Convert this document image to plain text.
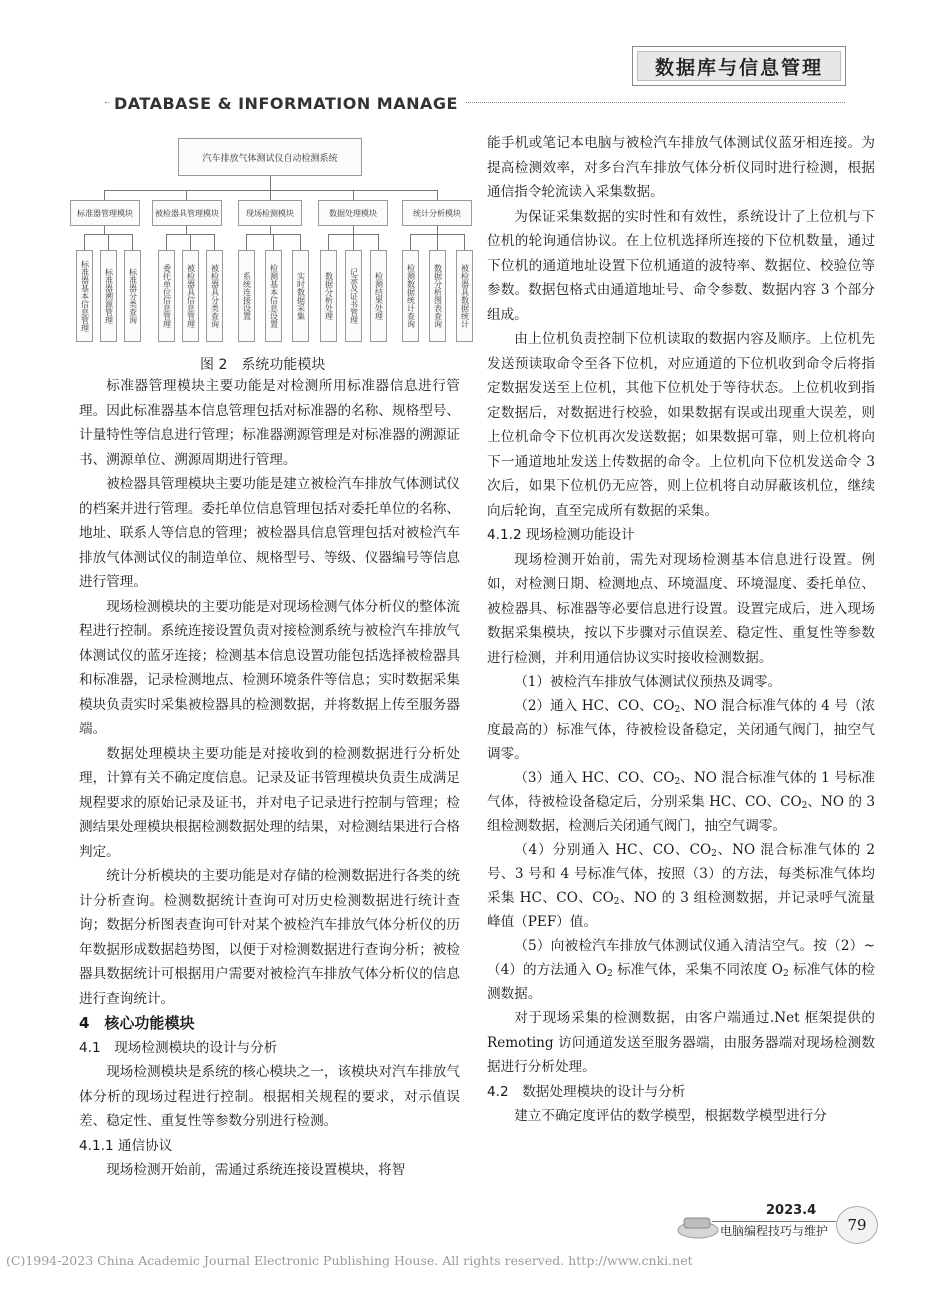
数据库与信息管理
DATABASE & INFORMATION MANAGE
汽车排放气体测试仪自动检测系统
标准器管理模块
标准器基本信息管理	标准器溯源管理	标准器分类查询
被检器具管理模块
委托单位信息管理	被检器具信息管理	被检器具分类查询
现场检测模块
系统连接设置	检测基本信息设置	实时数据采集
数据处理模块
数据分析处理	记录及证书管理	检测结果处理
统计分析模块
检测数据统计查询	数据分析图表查询	被检器具数据统计
图 2　系统功能模块

标准器管理模块主要功能是对检测所用标准器信息进行管理。因此标准器基本信息管理包括对标准器的名称、规格型号、计量特性等信息进行管理；标准器溯源管理是对标准器的溯源证书、溯源单位、溯源周期进行管理。

被检器具管理模块主要功能是建立被检汽车排放气体测试仪的档案并进行管理。委托单位信息管理包括对委托单位的名称、地址、联系人等信息的管理；被检器具信息管理包括对被检汽车排放气体测试仪的制造单位、规格型号、等级、仪器编号等信息进行管理。

现场检测模块的主要功能是对现场检测气体分析仪的整体流程进行控制。系统连接设置负责对接检测系统与被检汽车排放气体测试仪的蓝牙连接；检测基本信息设置功能包括选择被检器具和标准器，记录检测地点、检测环境条件等信息；实时数据采集模块负责实时采集被检器具的检测数据，并将数据上传至服务器端。

数据处理模块主要功能是对接收到的检测数据进行分析处理，计算有关不确定度信息。记录及证书管理模块负责生成满足规程要求的原始记录及证书，并对电子记录进行控制与管理；检测结果处理模块根据检测数据处理的结果，对检测结果进行合格判定。

统计分析模块的主要功能是对存储的检测数据进行各类的统计分析查询。检测数据统计查询可对历史检测数据进行统计查询；数据分析图表查询可针对某个被检汽车排放气体分析仪的历年数据形成数据趋势图，以便于对检测数据进行查询分析；被检器具数据统计可根据用户需要对被检汽车排放气体分析仪的信息进行查询统计。

4　核心功能模块
4.1　现场检测模块的设计与分析

现场检测模块是系统的核心模块之一，该模块对汽车排放气体分析的现场过程进行控制。根据相关规程的要求，对示值误差、稳定性、重复性等参数分别进行检测。

4.1.1 通信协议

现场检测开始前，需通过系统连接设置模块，将智

能手机或笔记本电脑与被检汽车排放气体测试仪蓝牙相连接。为提高检测效率，对多台汽车排放气体分析仪同时进行检测，根据通信指令轮流读入采集数据。

为保证采集数据的实时性和有效性，系统设计了上位机与下位机的轮询通信协议。在上位机选择所连接的下位机数量，通过下位机的通道地址设置下位机通道的波特率、数据位、校验位等参数。数据包格式由通道地址号、命令参数、数据内容 3 个部分组成。

由上位机负责控制下位机读取的数据内容及顺序。上位机先发送预读取命令至各下位机，对应通道的下位机收到命令后将指定数据发送至上位机，其他下位机处于等待状态。上位机收到指定数据后，对数据进行校验，如果数据有误或出现重大误差，则上位机命令下位机再次发送数据；如果数据可靠，则上位机将向下一通道地址发送上传数据的命令。上位机向下位机发送命令 3 次后，如果下位机仍无应答，则上位机将自动屏蔽该机位，继续向后轮询，直至完成所有数据的采集。

4.1.2 现场检测功能设计

现场检测开始前，需先对现场检测基本信息进行设置。例如，对检测日期、检测地点、环境温度、环境湿度、委托单位、被检器具、标准器等必要信息进行设置。设置完成后，进入现场数据采集模块，按以下步骤对示值误差、稳定性、重复性等参数进行检测，并利用通信协议实时接收检测数据。

（1）被检汽车排放气体测试仪预热及调零。

（2）通入 HC、CO、$CO_2$、NO 混合标准气体的 4 号（浓度最高的）标准气体，待被检设备稳定，关闭通气阀门，抽空气调零。

（3）通入 HC、CO、$CO_2$、NO 混合标准气体的 1 号标准气体，待被检设备稳定后，分别采集 HC、CO、$CO_2$、NO 的 3 组检测数据，检测后关闭通气阀门，抽空气调零。

（4）分别通入 HC、CO、$CO_2$、NO 混合标准气体的 2 号、3 号和 4 号标准气体，按照（3）的方法，每类标准气体均采集 HC、CO、$CO_2$、NO 的 3 组检测数据，并记录呼气流量峰值（PEF）值。

（5）向被检汽车排放气体测试仪通入清洁空气。按（2）~（4）的方法通入 $O_2$ 标准气体，采集不同浓度 $O_2$ 标准气体的检测数据。

对于现场采集的检测数据，由客户端通过.Net 框架提供的 Remoting 访问通道发送至服务器端，由服务器端对现场检测数据进行分析处理。

4.2　数据处理模块的设计与分析

建立不确定度评估的数学模型，根据数学模型进行分

2023.4
电脑编程技巧与维护	79
(C)1994-2023 China Academic Journal Electronic Publishing House. All rights reserved. http://www.cnki.net
